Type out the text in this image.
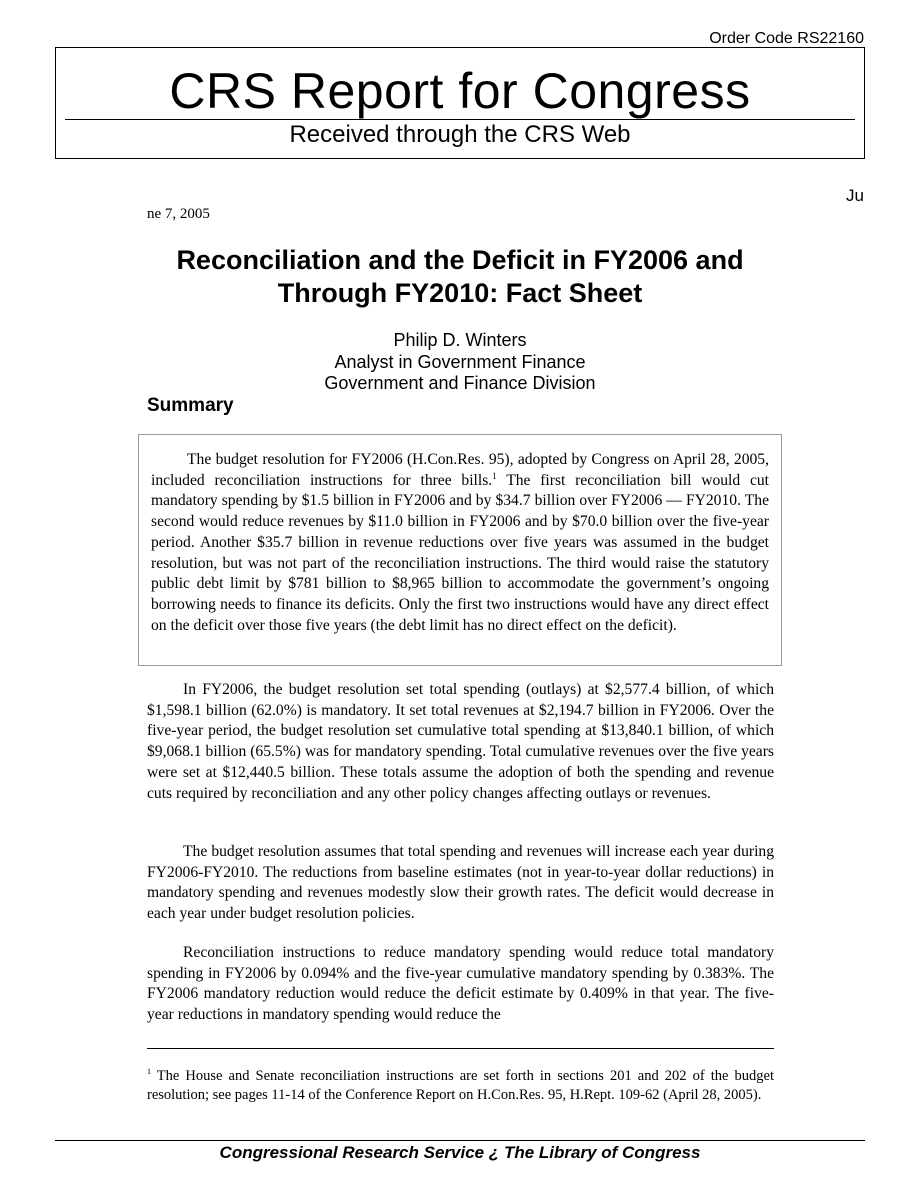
Order Code RS22160
CRS Report for Congress
Received through the CRS Web
Ju
ne 7, 2005
Reconciliation and the Deficit in FY2006 and Through FY2010: Fact Sheet
Philip D. Winters
Analyst in Government Finance
Government and Finance Division
Summary

The budget resolution for FY2006 (H.Con.Res. 95), adopted by Congress on April 28, 2005, included reconciliation instructions for three bills.$^1$ The first reconciliation bill would cut mandatory spending by $1.5 billion in FY2006 and by $34.7 billion over FY2006 — FY2010. The second would reduce revenues by $11.0 billion in FY2006 and by $70.0 billion over the five-year period. Another $35.7 billion in revenue reductions over five years was assumed in the budget resolution, but was not part of the reconciliation instructions. The third would raise the statutory public debt limit by $781 billion to $8,965 billion to accommodate the government’s ongoing borrowing needs to finance its deficits. Only the first two instructions would have any direct effect on the deficit over those five years (the debt limit has no direct effect on the deficit).

In FY2006, the budget resolution set total spending (outlays) at $2,577.4 billion, of which $1,598.1 billion (62.0%) is mandatory. It set total revenues at $2,194.7 billion in FY2006. Over the five-year period, the budget resolution set cumulative total spending at $13,840.1 billion, of which $9,068.1 billion (65.5%) was for mandatory spending. Total cumulative revenues over the five years were set at $12,440.5 billion. These totals assume the adoption of both the spending and revenue cuts required by reconciliation and any other policy changes affecting outlays or revenues.

The budget resolution assumes that total spending and revenues will increase each year during FY2006-FY2010. The reductions from baseline estimates (not in year-to-year dollar reductions) in mandatory spending and revenues modestly slow their growth rates. The deficit would decrease in each year under budget resolution policies.

Reconciliation instructions to reduce mandatory spending would reduce total mandatory spending in FY2006 by 0.094% and the five-year cumulative mandatory spending by 0.383%. The FY2006 mandatory reduction would reduce the deficit estimate by 0.409% in that year. The five-year reductions in mandatory spending would reduce the

$^1$ The House and Senate reconciliation instructions are set forth in sections 201 and 202 of the budget resolution; see pages 11-14 of the Conference Report on H.Con.Res. 95, H.Rept. 109-62 (April 28, 2005).

Congressional Research Service ¿ The Library of Congress
